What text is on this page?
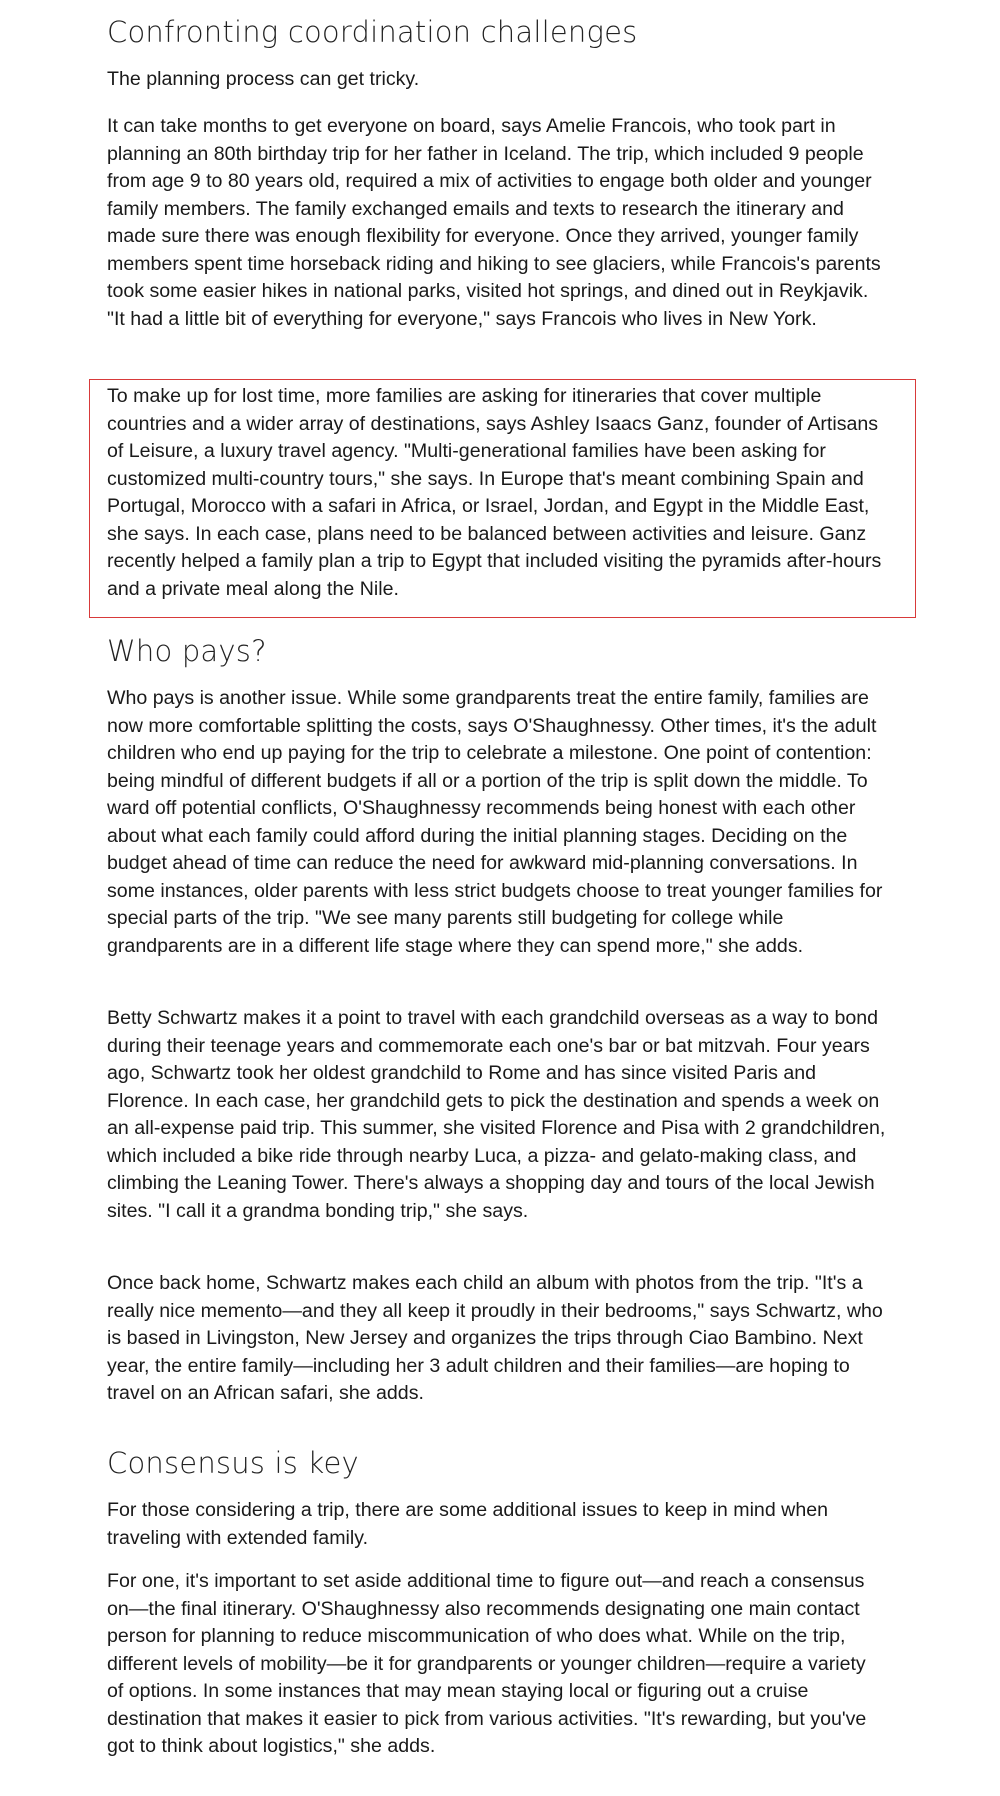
Confronting coordination challenges

The planning process can get tricky.

It can take months to get everyone on board, says Amelie Francois, who took part in planning an 80th birthday trip for her father in Iceland. The trip, which included 9 people from age 9 to 80 years old, required a mix of activities to engage both older and younger family members. The family exchanged emails and texts to research the itinerary and made sure there was enough flexibility for everyone. Once they arrived, younger family members spent time horseback riding and hiking to see glaciers, while Francois's parents took some easier hikes in national parks, visited hot springs, and dined out in Reykjavik. "It had a little bit of everything for everyone," says Francois who lives in New York.

To make up for lost time, more families are asking for itineraries that cover multiple countries and a wider array of destinations, says Ashley Isaacs Ganz, founder of Artisans of Leisure, a luxury travel agency. "Multi-generational families have been asking for customized multi-country tours," she says. In Europe that's meant combining Spain and Portugal, Morocco with a safari in Africa, or Israel, Jordan, and Egypt in the Middle East, she says. In each case, plans need to be balanced between activities and leisure. Ganz recently helped a family plan a trip to Egypt that included visiting the pyramids after-hours and a private meal along the Nile.

Who pays?

Who pays is another issue. While some grandparents treat the entire family, families are now more comfortable splitting the costs, says O'Shaughnessy. Other times, it's the adult children who end up paying for the trip to celebrate a milestone. One point of contention: being mindful of different budgets if all or a portion of the trip is split down the middle. To ward off potential conflicts, O'Shaughnessy recommends being honest with each other about what each family could afford during the initial planning stages. Deciding on the budget ahead of time can reduce the need for awkward mid-planning conversations. In some instances, older parents with less strict budgets choose to treat younger families for special parts of the trip. "We see many parents still budgeting for college while grandparents are in a different life stage where they can spend more," she adds.

Betty Schwartz makes it a point to travel with each grandchild overseas as a way to bond during their teenage years and commemorate each one's bar or bat mitzvah. Four years ago, Schwartz took her oldest grandchild to Rome and has since visited Paris and Florence. In each case, her grandchild gets to pick the destination and spends a week on an all-expense paid trip. This summer, she visited Florence and Pisa with 2 grandchildren, which included a bike ride through nearby Luca, a pizza- and gelato-making class, and climbing the Leaning Tower. There's always a shopping day and tours of the local Jewish sites. "I call it a grandma bonding trip," she says.

Once back home, Schwartz makes each child an album with photos from the trip. "It's a really nice memento—and they all keep it proudly in their bedrooms," says Schwartz, who is based in Livingston, New Jersey and organizes the trips through Ciao Bambino. Next year, the entire family—including her 3 adult children and their families—are hoping to travel on an African safari, she adds.

Consensus is key

For those considering a trip, there are some additional issues to keep in mind when traveling with extended family.

For one, it's important to set aside additional time to figure out—and reach a consensus on—the final itinerary. O'Shaughnessy also recommends designating one main contact person for planning to reduce miscommunication of who does what. While on the trip, different levels of mobility—be it for grandparents or younger children—require a variety of options. In some instances that may mean staying local or figuring out a cruise destination that makes it easier to pick from various activities. "It's rewarding, but you've got to think about logistics," she adds.
